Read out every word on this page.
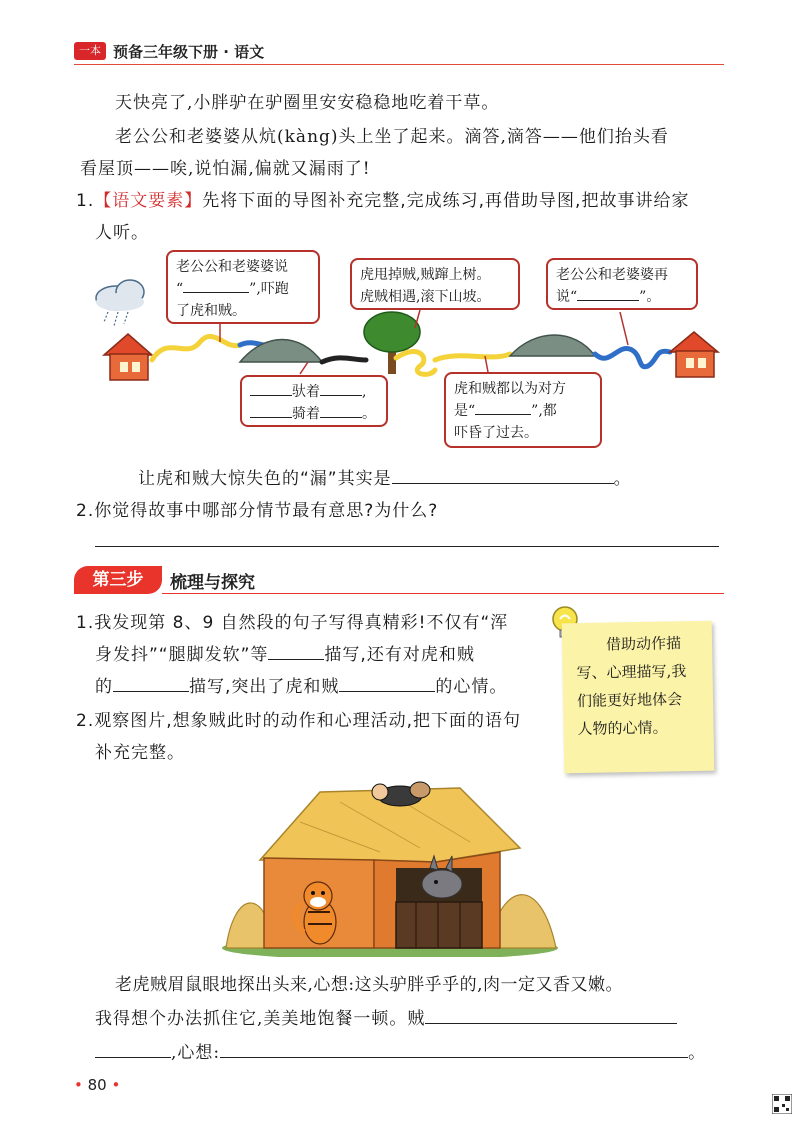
一本 预备三年级下册 · 语文
天快亮了,小胖驴在驴圈里安安稳稳地吃着干草。
老公公和老婆婆从炕(kàng)头上坐了起来。滴答,滴答——他们抬头看
看屋顶——唉,说怕漏,偏就又漏雨了!
1.【语文要素】先将下面的导图补充完整,完成练习,再借助导图,把故事讲给家
人听。
老公公和老婆婆说
“	”,吓跑
了虎和贼。
虎甩掉贼,贼蹿上树。
虎贼相遇,滚下山坡。
老公公和老婆婆再
说“	”。
驮着	,
骑着	。
虎和贼都以为对方
是“	”,都
吓昏了过去。
让虎和贼大惊失色的“漏”其实是	。
2.你觉得故事中哪部分情节最有意思?为什么?
第三步	梳理与探究
1.我发现第 8、9 自然段的句子写得真精彩!不仅有“浑
身发抖”“腿脚发软”等	描写,还有对虎和贼
的	描写,突出了虎和贼	的心情。
2.观察图片,想象贼此时的动作和心理活动,把下面的语句
补充完整。
借助动作描
写、心理描写,我
们能更好地体会
人物的心情。
老虎贼眉鼠眼地探出头来,心想:这头驴胖乎乎的,肉一定又香又嫩。
我得想个办法抓住它,美美地饱餐一顿。贼
,心想:	。
• 80 •
